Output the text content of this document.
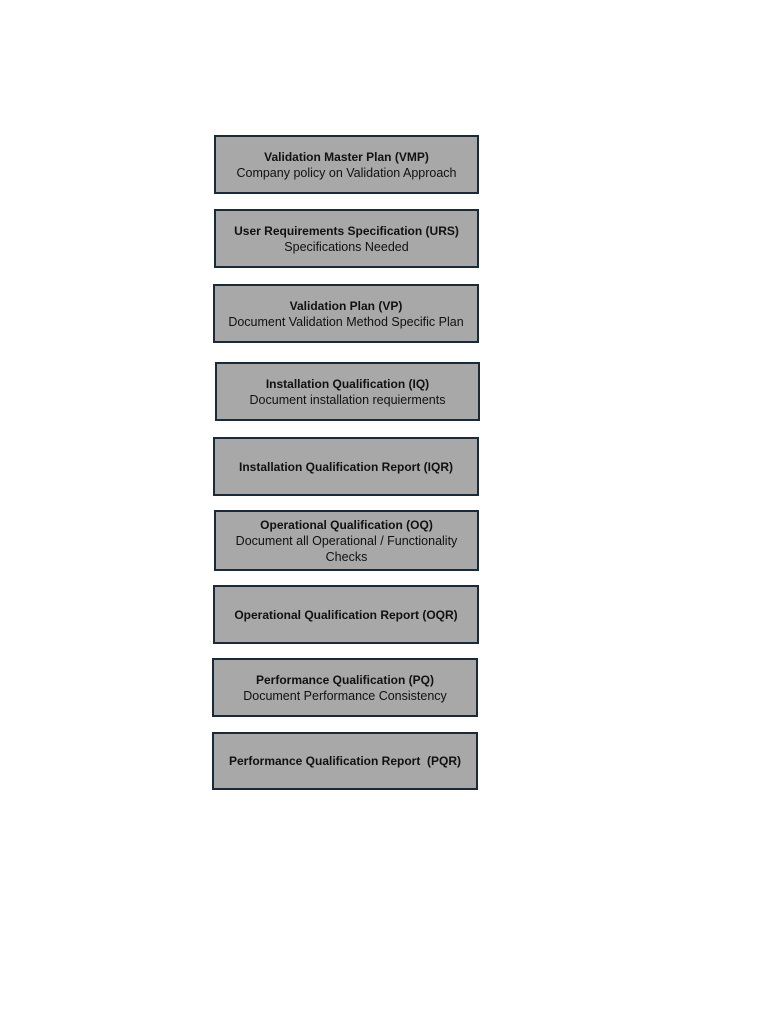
Validation Master Plan (VMP)
Company policy on Validation Approach
User Requirements Specification (URS)
Specifications Needed
Validation Plan (VP)
Document Validation Method Specific Plan
Installation Qualification (IQ)
Document installation requierments
Installation Qualification Report (IQR)
Operational Qualification (OQ)
Document all Operational / Functionality Checks
Operational Qualification Report (OQR)
Performance Qualification (PQ)
Document Performance Consistency
Performance Qualification Report  (PQR)
